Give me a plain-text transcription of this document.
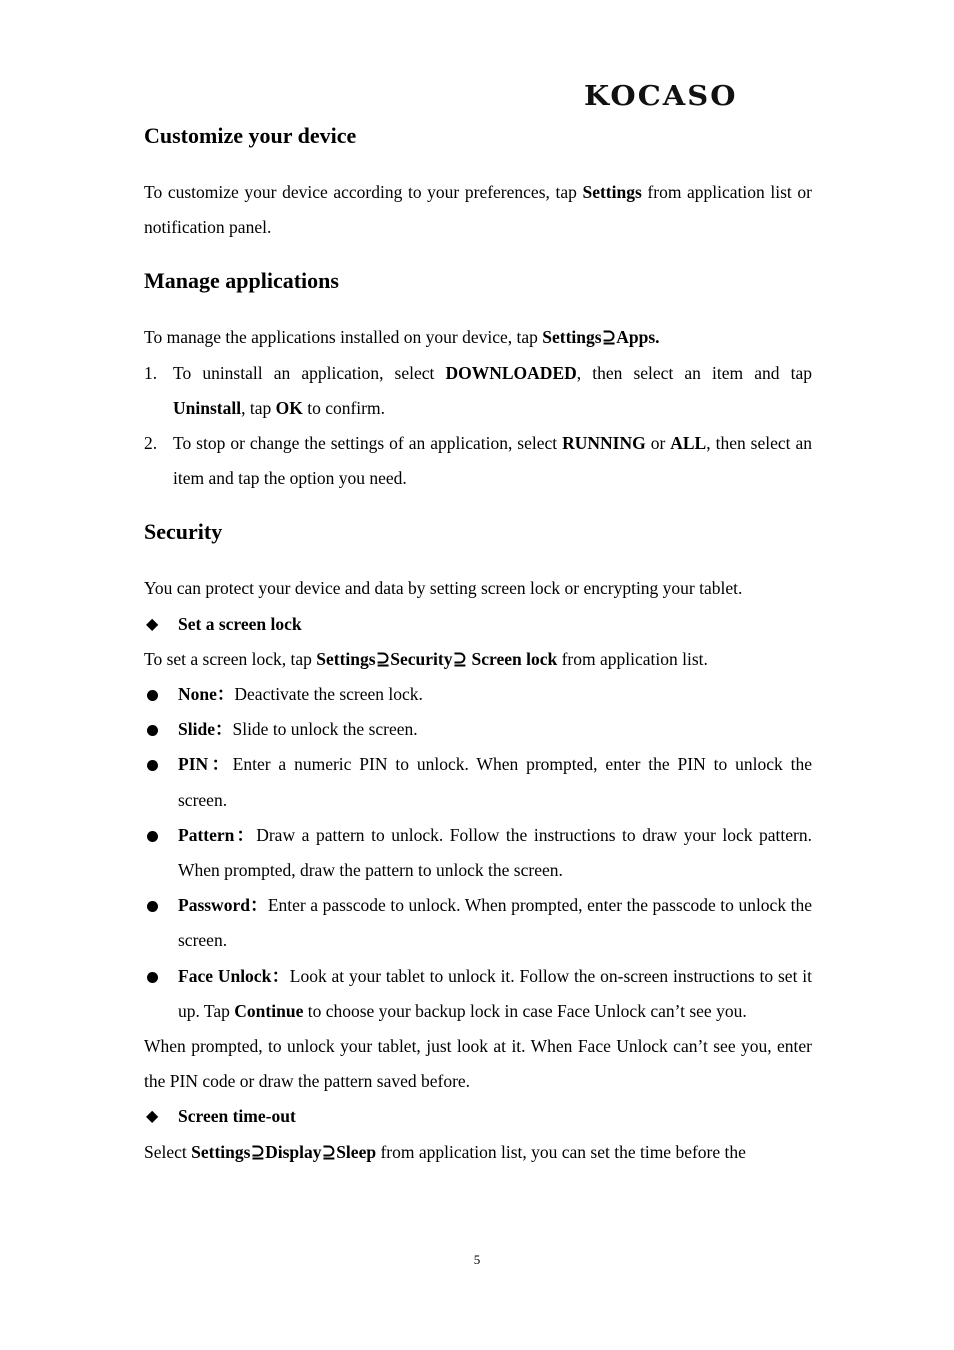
KOCASO
Customize your device

To customize your device according to your preferences, tap Settings from application list or notification panel.

Manage applications

To manage the applications installed on your device, tap Settings⊇Apps.

1. To uninstall an application, select DOWNLOADED, then select an item and tap Uninstall, tap OK to confirm.
2. To stop or change the settings of an application, select RUNNING or ALL, then select an item and tap the option you need.
Security

You can protect your device and data by setting screen lock or encrypting your tablet.

◆ Set a screen lock

To set a screen lock, tap Settings⊇Security⊇ Screen lock from application list.

None：Deactivate the screen lock.
Slide：Slide to unlock the screen.
PIN：Enter a numeric PIN to unlock. When prompted, enter the PIN to unlock the screen.
Pattern：Draw a pattern to unlock. Follow the instructions to draw your lock pattern. When prompted, draw the pattern to unlock the screen.
Password：Enter a passcode to unlock. When prompted, enter the passcode to unlock the screen.
Face Unlock：Look at your tablet to unlock it. Follow the on-screen instructions to set it up. Tap Continue to choose your backup lock in case Face Unlock can’t see you.

When prompted, to unlock your tablet, just look at it. When Face Unlock can’t see you, enter the PIN code or draw the pattern saved before.

◆ Screen time-out

Select Settings⊇Display⊇Sleep from application list, you can set the time before the

5
